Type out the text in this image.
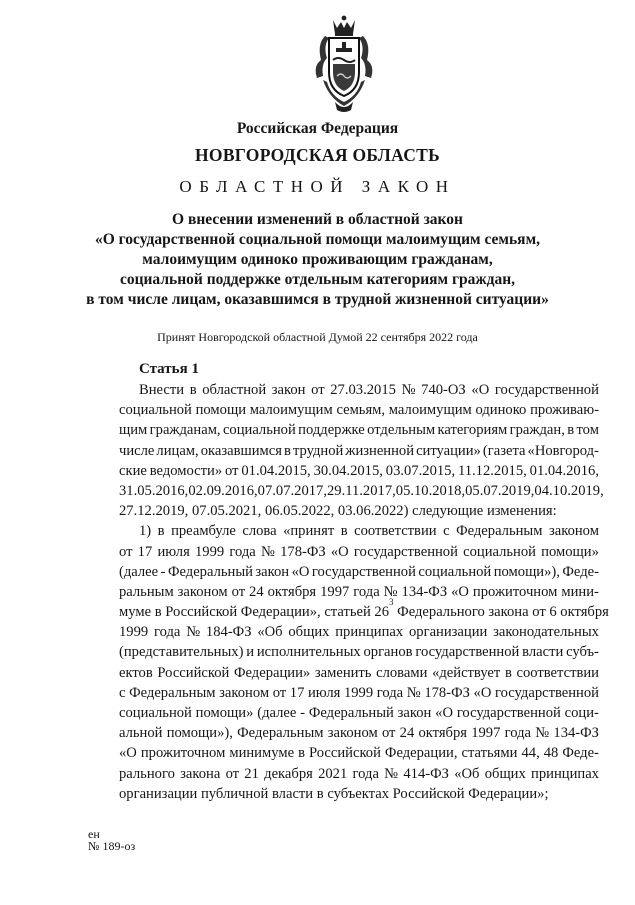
Российская Федерация
НОВГОРОДСКАЯ ОБЛАСТЬ
ОБЛАСТНОЙ ЗАКОН
О внесении изменений в областной закон
«О государственной социальной помощи малоимущим семьям,
малоимущим одиноко проживающим гражданам,
социальной поддержке отдельным категориям граждан,
в том числе лицам, оказавшимся в трудной жизненной ситуации»
Принят Новгородской областной Думой 22 сентября 2022 года
Статья 1
Внести в областной закон от 27.03.2015 № 740-ОЗ «О государственной
социальной помощи малоимущим семьям, малоимущим одиноко проживаю-
щим гражданам, социальной поддержке отдельным категориям граждан, в том
числе лицам, оказавшимся в трудной жизненной ситуации» (газета «Новгород-
ские ведомости» от 01.04.2015, 30.04.2015, 03.07.2015, 11.12.2015, 01.04.2016,
31.05.2016, 02.09.2016, 07.07.2017, 29.11.2017, 05.10.2018, 05.07.2019, 04.10.2019,
27.12.2019, 07.05.2021, 06.05.2022, 03.06.2022) следующие изменения:
1) в преамбуле слова «принят в соответствии с Федеральным законом
от 17 июля 1999 года № 178-ФЗ «О государственной социальной помощи»
(далее - Федеральный закон «О государственной социальной помощи»), Феде-
ральным законом от 24 октября 1997 года № 134-ФЗ «О прожиточном мини-
муме в Российской Федерации», статьей 26
3
Федерального закона от 6 октября
1999 года № 184-ФЗ «Об общих принципах организации законодательных
(представительных) и исполнительных органов государственной власти субъ-
ектов Российской Федерации» заменить словами «действует в соответствии
с Федеральным законом от 17 июля 1999 года № 178-ФЗ «О государственной
социальной помощи» (далее - Федеральный закон «О государственной соци-
альной помощи»), Федеральным законом от 24 октября 1997 года № 134-ФЗ
«О прожиточном минимуме в Российской Федерации, статьями 44, 48 Феде-
рального закона от 21 декабря 2021 года № 414-ФЗ «Об общих принципах
организации публичной власти в субъектах Российской Федерации»;
ен
№ 189-оз
